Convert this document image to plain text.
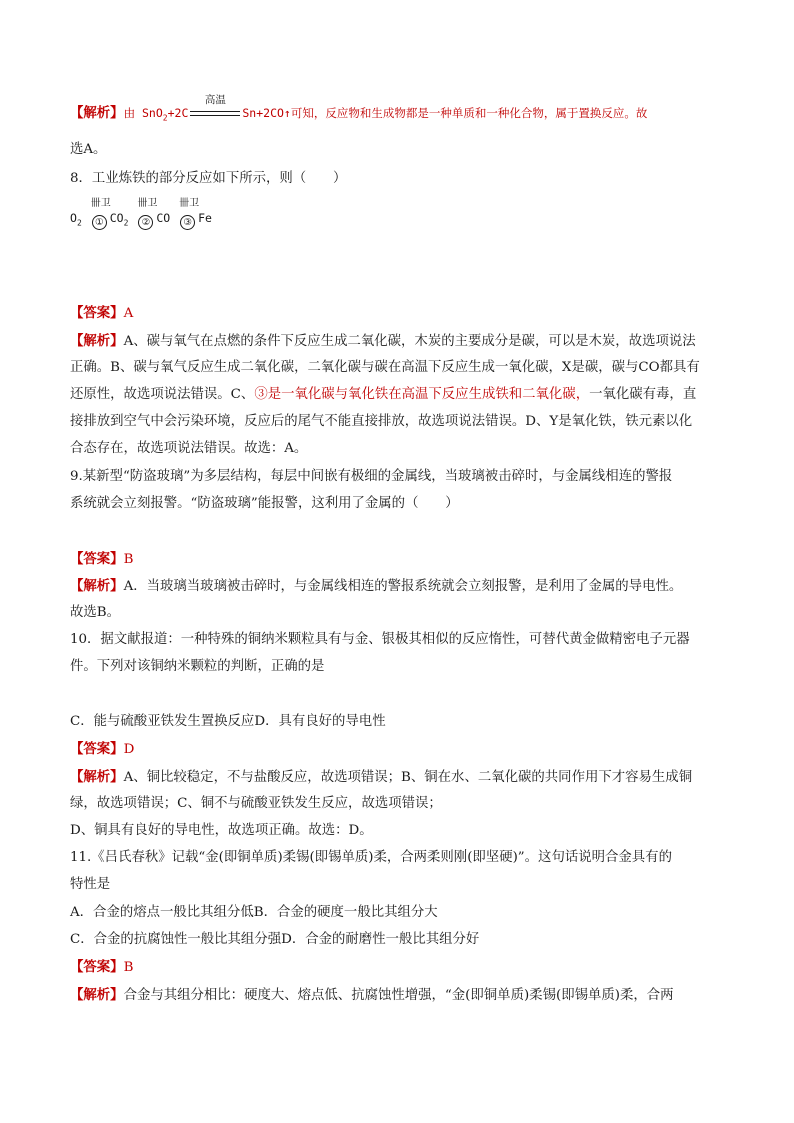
【解析】由 SnO$_2$+2C
高温
Sn+2CO↑可知，反应物和生成物都是一种单质和一种化合物，属于置换反应。故
选A。
8．工业炼铁的部分反应如下所示，则（　　）
$O_2$
卌卫
① $CO_2$
卌卫
② CO
卌卫
③ Fe
【答案】A
【解析】A、碳与氧气在点燃的条件下反应生成二氧化碳，木炭的主要成分是碳，可以是木炭，故选项说法
正确。B、碳与氧气反应生成二氧化碳，二氧化碳与碳在高温下反应生成一氧化碳，X是碳，碳与CO都具有
还原性，故选项说法错误。C、③是一氧化碳与氧化铁在高温下反应生成铁和二氧化碳，一氧化碳有毒，直
接排放到空气中会污染环境，反应后的尾气不能直接排放，故选项说法错误。D、Y是氧化铁，铁元素以化
合态存在，故选项说法错误。故选：A。
9.某新型“防盗玻璃”为多层结构，每层中间嵌有极细的金属线，当玻璃被击碎时，与金属线相连的警报
系统就会立刻报警。“防盗玻璃”能报警，这利用了金属的（　　）
【答案】B
【解析】A．当玻璃当玻璃被击碎时，与金属线相连的警报系统就会立刻报警，是利用了金属的导电性。
故选B。
10．据文献报道：一种特殊的铜纳米颗粒具有与金、银极其相似的反应惰性，可替代黄金做精密电子元器
件。下列对该铜纳米颗粒的判断，正确的是
C．能与硫酸亚铁发生置换反应D．具有良好的导电性
【答案】D
【解析】A、铜比较稳定，不与盐酸反应，故选项错误；B、铜在水、二氧化碳的共同作用下才容易生成铜
绿，故选项错误；C、铜不与硫酸亚铁发生反应，故选项错误；
D、铜具有良好的导电性，故选项正确。故选：D。
11.《吕氏春秋》记载“金(即铜单质)柔锡(即锡单质)柔，合两柔则刚(即坚硬)”。这句话说明合金具有的
特性是
A．合金的熔点一般比其组分低B．合金的硬度一般比其组分大
C．合金的抗腐蚀性一般比其组分强D．合金的耐磨性一般比其组分好
【答案】B
【解析】合金与其组分相比：硬度大、熔点低、抗腐蚀性增强，“金(即铜单质)柔锡(即锡单质)柔，合两
